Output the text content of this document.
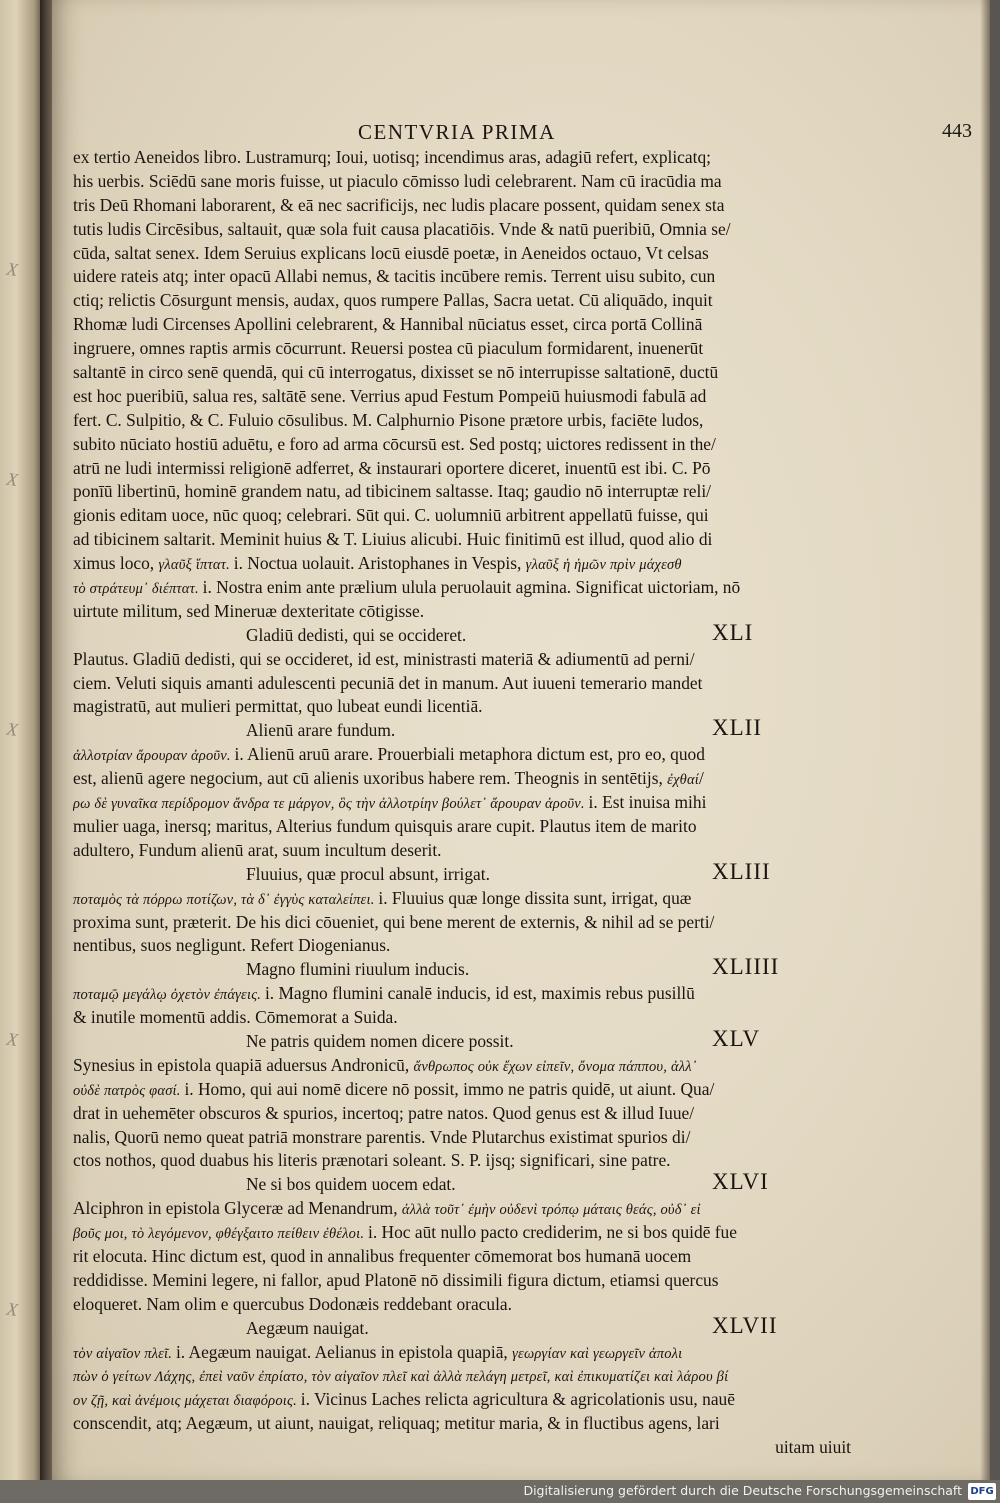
X
X
X
X
X
CENTVRIA PRIMA	443
ex tertio Aeneidos libro. Lustramurq; Ioui, uotisq; incendimus aras, adagiū refert, explicatq;
his uerbis. Sciēdū sane moris fuisse, ut piaculo cōmisso ludi celebrarent. Nam cū iracūdia ma
tris Deū Rhomani laborarent, & eā nec sacrificijs, nec ludis placare possent, quidam senex sta
tutis ludis Circēsibus, saltauit, quæ sola fuit causa placatiōis. Vnde & natū pueribiū, Omnia se/
cūda, saltat senex. Idem Seruius explicans locū eiusdē poetæ, in Aeneidos octauo, Vt celsas
uidere rateis atq; inter opacū Allabi nemus, & tacitis incūbere remis. Terrent uisu subito, cun
ctiq; relictis Cōsurgunt mensis, audax, quos rumpere Pallas, Sacra uetat. Cū aliquādo, inquit
Rhomæ ludi Circenses Apollini celebrarent, & Hannibal nūciatus esset, circa portā Collinā
ingruere, omnes raptis armis cōcurrunt. Reuersi postea cū piaculum formidarent, inuenerūt
saltantē in circo senē quendā, qui cū interrogatus, dixisset se nō interrupisse saltationē, ductū
est hoc pueribiū, salua res, saltātē sene. Verrius apud Festum Pompeiū huiusmodi fabulā ad
fert. C. Sulpitio, & C. Fuluio cōsulibus. M. Calphurnio Pisone prætore urbis, faciēte ludos,
subito nūciato hostiū aduētu, e foro ad arma cōcursū est. Sed postq; uictores redissent in the/
atrū ne ludi intermissi religionē adferret, & instaurari oportere diceret, inuentū est ibi. C. Pō
ponīū libertinū, hominē grandem natu, ad tibicinem saltasse. Itaq; gaudio nō interruptæ reli/
gionis editam uoce, nūc quoq; celebrari. Sūt qui. C. uolumniū arbitrent appellatū fuisse, qui
ad tibicinem saltarit. Meminit huius & T. Liuius alicubi. Huic finitimū est illud, quod alio di
ximus loco, γλαῦξ ἵπτατ. i. Noctua uolauit. Aristophanes in Vespis, γλαῦξ ἡ ἡμῶν πρὶν μάχεσθ
τὸ στράτευμ᾿ διέπτατ. i. Nostra enim ante prælium ulula peruolauit agmina. Significat uictoriam, nō
uirtute militum, sed Mineruæ dexteritate cōtigisse.
Gladiū dedisti, qui se occideret.	XLI
Plautus. Gladiū dedisti, qui se occideret, id est, ministrasti materiā & adiumentū ad perni/
ciem. Veluti siquis amanti adulescenti pecuniā det in manum. Aut iuueni temerario mandet
magistratū, aut mulieri permittat, quo lubeat eundi licentiā.
Alienū arare fundum.	XLII
ἀλλοτρίαν ἄρουραν ἀροῦν. i. Alienū aruū arare. Prouerbiali metaphora dictum est, pro eo, quod
est, alienū agere negocium, aut cū alienis uxoribus habere rem. Theognis in sentētijs, ἐχθαί/
ρω δὲ γυναῖκα περίδρομον ἄνδρα τε μάργον, ὃς τὴν ἀλλοτρίην βούλετ᾿ ἄρουραν ἀροῦν. i. Est inuisa mihi
mulier uaga, inersq; maritus, Alterius fundum quisquis arare cupit. Plautus item de marito
adultero, Fundum alienū arat, suum incultum deserit.
Fluuius, quæ procul absunt, irrigat.	XLIII
ποταμὸς τὰ πόρρω ποτίζων, τὰ δ᾿ ἐγγὺς καταλείπει. i. Fluuius quæ longe dissita sunt, irrigat, quæ
proxima sunt, præterit. De his dici cōueniet, qui bene merent de externis, & nihil ad se perti/
nentibus, suos negligunt. Refert Diogenianus.
Magno flumini riuulum inducis.	XLIIII
ποταμῷ μεγάλῳ ὀχετὸν ἐπάγεις. i. Magno flumini canalē inducis, id est, maximis rebus pusillū
& inutile momentū addis. Cōmemorat a Suida.
Ne patris quidem nomen dicere possit.	XLV
Synesius in epistola quapiā aduersus Andronicū, ἄνθρωπος οὐκ ἔχων εἰπεῖν, ὄνομα πάππου, ἀλλ᾿
οὐδὲ πατρὸς φασί. i. Homo, qui aui nomē dicere nō possit, immo ne patris quidē, ut aiunt. Qua/
drat in uehemēter obscuros & spurios, incertoq; patre natos. Quod genus est & illud Iuue/
nalis, Quorū nemo queat patriā monstrare parentis. Vnde Plutarchus existimat spurios di/
ctos nothos, quod duabus his literis prænotari soleant. S. P. ijsq; significari, sine patre.
Ne si bos quidem uocem edat.	XLVI
Alciphron in epistola Glyceræ ad Menandrum, ἀλλὰ τοῦτ᾿ ἐμὴν οὐδενὶ τρόπῳ μάταις θεάς, οὐδ᾿ εἰ
βοῦς μοι, τὸ λεγόμενον, φθέγξαιτο πείθειν ἐθέλοι. i. Hoc aūt nullo pacto crediderim, ne si bos quidē fue
rit elocuta. Hinc dictum est, quod in annalibus frequenter cōmemorat bos humanā uocem
reddidisse. Memini legere, ni fallor, apud Platonē nō dissimili figura dictum, etiamsi quercus
eloqueret. Nam olim e quercubus Dodonæis reddebant oracula.
Aegæum nauigat.	XLVII
τὸν αἰγαῖον πλεῖ. i. Aegæum nauigat. Aelianus in epistola quapiā, γεωργίαν καὶ γεωργεῖν ἀπολι
πὼν ὁ γείτων Λάχης, ἐπεὶ ναῦν ἐπρίατο, τὸν αἰγαῖον πλεῖ καὶ ἀλλὰ πελάγη μετρεῖ, καὶ ἐπικυματίζει καὶ λάρου βί
ον ζῇ, καὶ ἀνέμοις μάχεται διαφόροις. i. Vicinus Laches relicta agricultura & agricolationis usu, nauē
conscendit, atq; Aegæum, ut aiunt, nauigat, reliquaq; metitur maria, & in fluctibus agens, lari
uitam uiuit
Digitalisierung gefördert durch die Deutsche Forschungsgemeinschaft DFG
